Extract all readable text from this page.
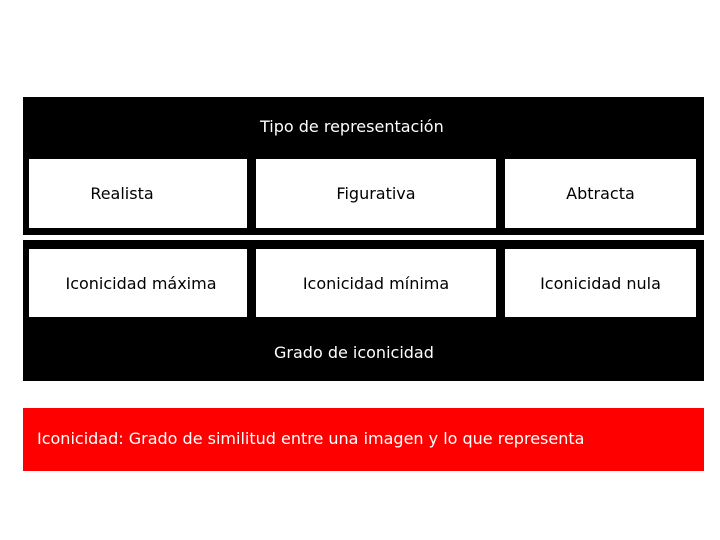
Tipo de representación
Realista	Figurativa	Abtracta
Iconicidad máxima	Iconicidad mínima	Iconicidad nula
Grado de iconicidad
Iconicidad: Grado de similitud entre una imagen y lo que representa
